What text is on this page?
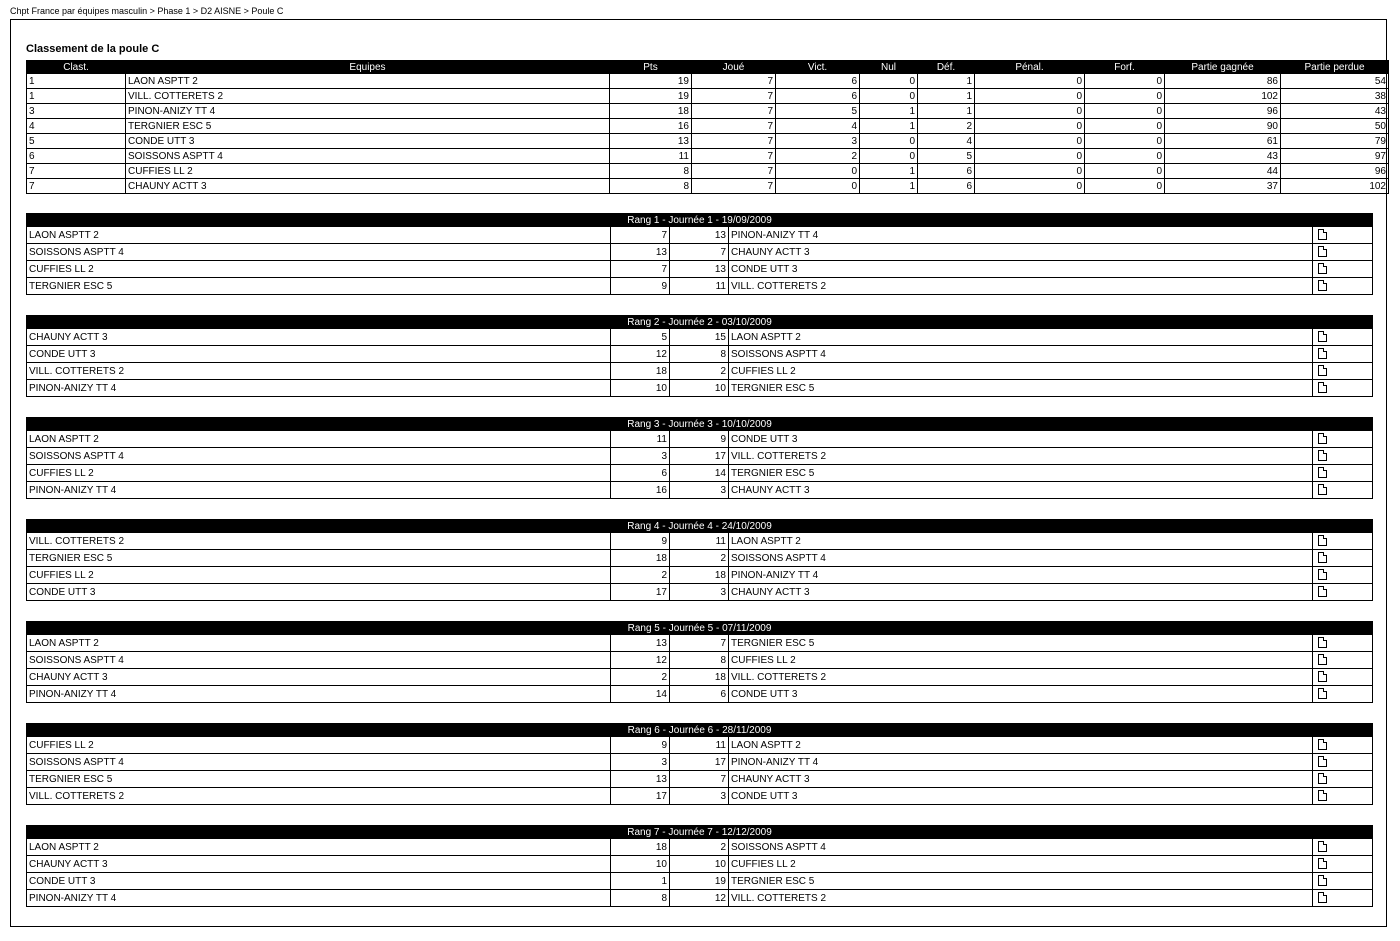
Chpt France par équipes masculin > Phase 1 > D2 AISNE > Poule C
Classement de la poule C
Clast.	Equipes	Pts	Joué	Vict.	Nul	Déf.	Pénal.	Forf.	Partie gagnée	Partie perdue
1	LAON ASPTT 2	19	7	6	0	1	0	0	86	54
1	VILL. COTTERETS 2	19	7	6	0	1	0	0	102	38
3	PINON-ANIZY TT 4	18	7	5	1	1	0	0	96	43
4	TERGNIER ESC 5	16	7	4	1	2	0	0	90	50
5	CONDE UTT 3	13	7	3	0	4	0	0	61	79
6	SOISSONS ASPTT 4	11	7	2	0	5	0	0	43	97
7	CUFFIES LL 2	8	7	0	1	6	0	0	44	96
7	CHAUNY ACTT 3	8	7	0	1	6	0	0	37	102
Rang 1 - Journée 1 - 19/09/2009				
LAON ASPTT 2	7	13	PINON-ANIZY TT 4	
SOISSONS ASPTT 4	13	7	CHAUNY ACTT 3	
CUFFIES LL 2	7	13	CONDE UTT 3	
TERGNIER ESC 5	9	11	VILL. COTTERETS 2	
Rang 2 - Journée 2 - 03/10/2009				
CHAUNY ACTT 3	5	15	LAON ASPTT 2	
CONDE UTT 3	12	8	SOISSONS ASPTT 4	
VILL. COTTERETS 2	18	2	CUFFIES LL 2	
PINON-ANIZY TT 4	10	10	TERGNIER ESC 5	
Rang 3 - Journée 3 - 10/10/2009				
LAON ASPTT 2	11	9	CONDE UTT 3	
SOISSONS ASPTT 4	3	17	VILL. COTTERETS 2	
CUFFIES LL 2	6	14	TERGNIER ESC 5	
PINON-ANIZY TT 4	16	3	CHAUNY ACTT 3	
Rang 4 - Journée 4 - 24/10/2009				
VILL. COTTERETS 2	9	11	LAON ASPTT 2	
TERGNIER ESC 5	18	2	SOISSONS ASPTT 4	
CUFFIES LL 2	2	18	PINON-ANIZY TT 4	
CONDE UTT 3	17	3	CHAUNY ACTT 3	
Rang 5 - Journée 5 - 07/11/2009				
LAON ASPTT 2	13	7	TERGNIER ESC 5	
SOISSONS ASPTT 4	12	8	CUFFIES LL 2	
CHAUNY ACTT 3	2	18	VILL. COTTERETS 2	
PINON-ANIZY TT 4	14	6	CONDE UTT 3	
Rang 6 - Journée 6 - 28/11/2009				
CUFFIES LL 2	9	11	LAON ASPTT 2	
SOISSONS ASPTT 4	3	17	PINON-ANIZY TT 4	
TERGNIER ESC 5	13	7	CHAUNY ACTT 3	
VILL. COTTERETS 2	17	3	CONDE UTT 3	
Rang 7 - Journée 7 - 12/12/2009				
LAON ASPTT 2	18	2	SOISSONS ASPTT 4	
CHAUNY ACTT 3	10	10	CUFFIES LL 2	
CONDE UTT 3	1	19	TERGNIER ESC 5	
PINON-ANIZY TT 4	8	12	VILL. COTTERETS 2	
